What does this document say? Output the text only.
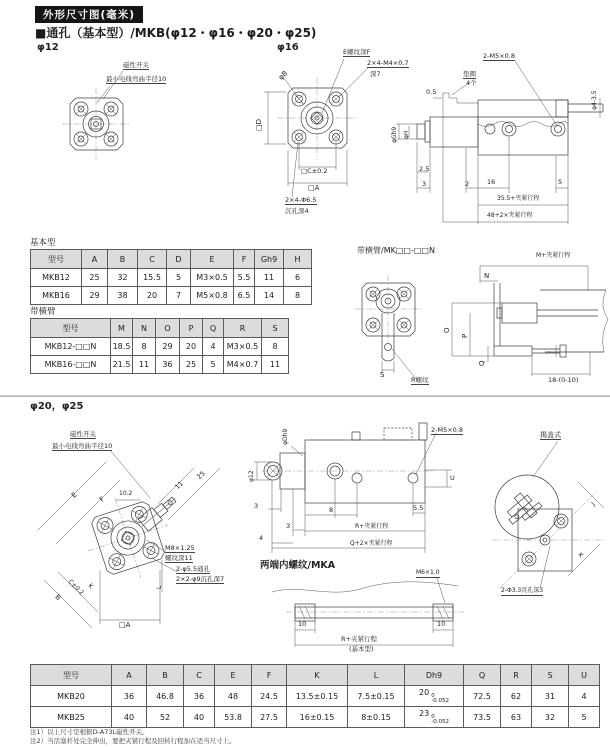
外形尺寸图(毫米)
■通孔（基本型）/MKB(φ12・φ16・φ20・φ25)
φ12	φ16
磁性开关
最小电线弯曲半径10
E螺纹深F
2×4-M4×0.7
深7
φB
□D
□C±0.2
□A
2×4-Φ6.5
沉孔深4
垫圈
4个
0.5
2-M5×0.8
φ4-3.5
φGh9 φH
2.5
3	2	16	5
35.5+夹紧行程
48+2×夹紧行程
基本型
型号	A	B	C	D	E	F	Gh9	H
MKB12	25	32	15.5	5	M3×0.5	5.5	11	6
MKB16	29	38	20	7	M5×0.8	6.5	14	8
带横臂
型号	M	N	O	P	Q	R	S
MKB12-□□N	18.5	8	29	20	4	M3×0.5	8
MKB16-□□N	21.5	11	36	25	5	M4×0.7	11
带横臂/MK□□-□□N
M+夹紧行程
N
O
P
Q
S
R螺纹	18-(0-10)
φ20，φ25
磁性开关
最小电线弯曲半径10
E	F
10.2
11
25
M8×1.25
螺纹深11
2-φ5.5通孔
2×2-φ9沉孔深7
C±0.2
B
K	L
□A
φDh9
φ12
2-M5×0.8
U
3	8	5.5
3
4
R+夹紧行程
Q+2×夹紧行程
揭盖式
J
K
2-Φ3.3沉孔深3
两端内螺纹/MKA
M6×1.0
10	10
R+夹紧行程
(基本型)
型号	A	B	C	E	F	K	L	Dh9	Q	R	S	U
MKB20	36	46.8	36	48	24.5	13.5±0.15	7.5±0.15	20 0
-0.052	72.5	62	31	4
MKB25	40	52	40	53.8	27.5	16±0.15	8±0.15	23 0
-0.052	73.5	63	32	5
注1）以上尺寸是根据D-A73L磁性开关。
注2）当活塞杆处完全伸出，要把夹紧行程及回转行程加在适当尺寸上。
